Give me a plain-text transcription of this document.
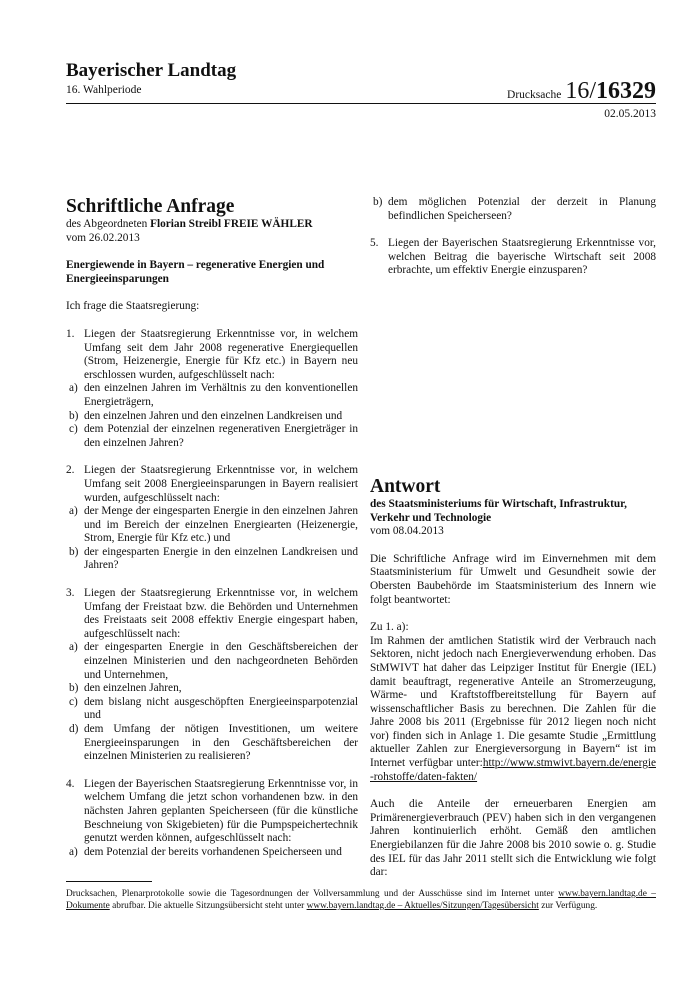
Bayerischer Landtag
16. Wahlperiode	Drucksache 16/16329
02.05.2013
Schriftliche Anfrage
des Abgeordneten Florian Streibl FREIE WÄHLER
vom 26.02.2013
Energiewende in Bayern – regenerative Energien und Energieeinsparungen
Ich frage die Staatsregierung:
1. Liegen der Staatsregierung Erkenntnisse vor, in welchem Umfang seit dem Jahr 2008 regenerative Energiequellen (Strom, Heizenergie, Energie für Kfz etc.) in Bayern neu erschlossen wurden, aufgeschlüsselt nach:
a) den einzelnen Jahren im Verhältnis zu den konventionellen Energieträgern,
b) den einzelnen Jahren und den einzelnen Landkreisen und
c) dem Potenzial der einzelnen regenerativen Energieträger in den einzelnen Jahren?
2. Liegen der Staatsregierung Erkenntnisse vor, in welchem Umfang seit 2008 Energieeinsparungen in Bayern realisiert wurden, aufgeschlüsselt nach:
a) der Menge der eingesparten Energie in den einzelnen Jahren und im Bereich der einzelnen Energiearten (Heizenergie, Strom, Energie für Kfz etc.) und
b) der eingesparten Energie in den einzelnen Landkreisen und Jahren?
3. Liegen der Staatsregierung Erkenntnisse vor, in welchem Umfang der Freistaat bzw. die Behörden und Unternehmen des Freistaats seit 2008 effektiv Energie eingespart haben, aufgeschlüsselt nach:
a) der eingesparten Energie in den Geschäftsbereichen der einzelnen Ministerien und den nachgeordneten Behörden und Unternehmen,
b) den einzelnen Jahren,
c) dem bislang nicht ausgeschöpften Energieeinsparpotenzial und
d) dem Umfang der nötigen Investitionen, um weitere Energieeinsparungen in den Geschäftsbereichen der einzelnen Ministerien zu realisieren?
4. Liegen der Bayerischen Staatsregierung Erkenntnisse vor, in welchem Umfang die jetzt schon vorhandenen bzw. in den nächsten Jahren geplanten Speicherseen (für die künstliche Beschneiung von Skigebieten) für die Pumpspeichertechnik genutzt werden können, aufgeschlüsselt nach:
a) dem Potenzial der bereits vorhandenen Speicherseen und
b) dem möglichen Potenzial der derzeit in Planung befindlichen Speicherseen?
5. Liegen der Bayerischen Staatsregierung Erkenntnisse vor, welchen Beitrag die bayerische Wirtschaft seit 2008 erbrachte, um effektiv Energie einzusparen?
Antwort
des Staatsministeriums für Wirtschaft, Infrastruktur, Verkehr und Technologie
vom 08.04.2013
Die Schriftliche Anfrage wird im Einvernehmen mit dem Staatsministerium für Umwelt und Gesundheit sowie der Obersten Baubehörde im Staatsministerium des Innern wie folgt beantwortet:
Zu 1. a):
Im Rahmen der amtlichen Statistik wird der Verbrauch nach Sektoren, nicht jedoch nach Energieverwendung erhoben. Das StMWIVT hat daher das Leipziger Institut für Energie (IEL) damit beauftragt, regenerative Anteile an Stromerzeugung, Wärme- und Kraftstoffbereitstellung für Bayern auf wissenschaftlicher Basis zu berechnen. Die Zahlen für die Jahre 2008 bis 2011 (Ergebnisse für 2012 liegen noch nicht vor) finden sich in Anlage 1. Die gesamte Studie „Ermittlung aktueller Zahlen zur Energieversorgung in Bayern“ ist im Internet verfügbar unter:http://www.stmwivt.bayern.de/energie-rohstoffe/daten-fakten/
Auch die Anteile der erneuerbaren Energien am Primärenergieverbrauch (PEV) haben sich in den vergangenen Jahren kontinuierlich erhöht. Gemäß den amtlichen Energiebilanzen für die Jahre 2008 bis 2010 sowie o. g. Studie des IEL für das Jahr 2011 stellt sich die Entwicklung wie folgt dar:
Drucksachen, Plenarprotokolle sowie die Tagesordnungen der Vollversammlung und der Ausschüsse sind im Internet unter www.bayern.landtag.de – Dokumente abrufbar. Die aktuelle Sitzungsübersicht steht unter www.bayern.landtag.de – Aktuelles/Sitzungen/Tagesübersicht zur Verfügung.
